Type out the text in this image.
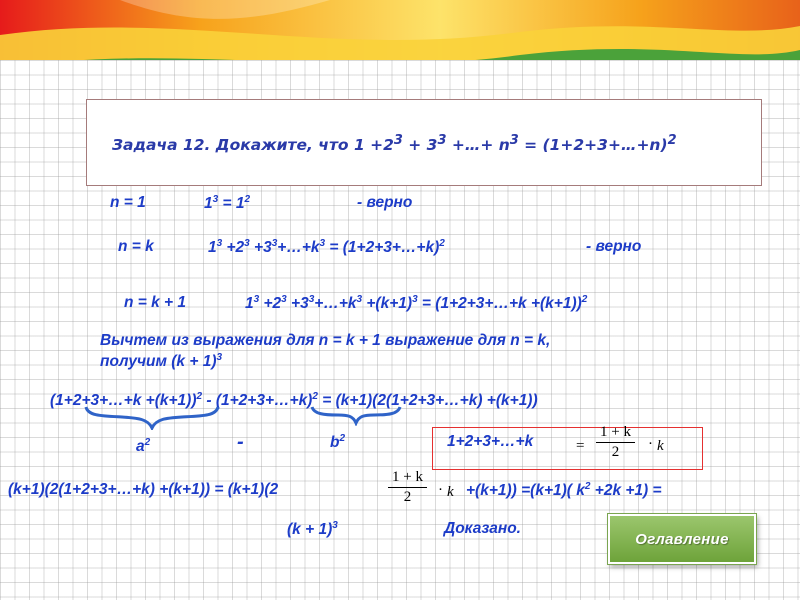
Задача 12. Докажите, что $1 +2^3 + 3^3$ +…+ $n^3$ = (1+2+3+…+n)$^2$
n = 1	$1^3 = 1^2$	- верно
n = k	$1^3 +2^3$ $+3^3+\dots+k^3$ = (1+2+3+…+k)$^2$	- верно
n = k + 1	$1^3 +2^3$ $+3^3+\dots+k^3 +(k+1)^3$ = (1+2+3+…+k +(k+1))$^2$
Вычтем из выражения для n = k + 1 выражение для n = k,
получим $(k + 1)^3$
(1+2+3+…+k +(k+1))$^2$ - (1+2+3+…+k)$^2$ = (k+1)(2(1+2+3+…+k) +(k+1))
$a^2$	-	$b^2$	1+2+3+…+k	= $\frac{1 + k}{2} \cdot k$
(k+1)(2(1+2+3+…+k) +(k+1)) = (k+1)(2	$\frac{1 + k}{2} \cdot k +(k+1)) =(k+1)$( $k^2 +2k +1$) =
$(k + 1)^3$	Доказано.
Оглавление
